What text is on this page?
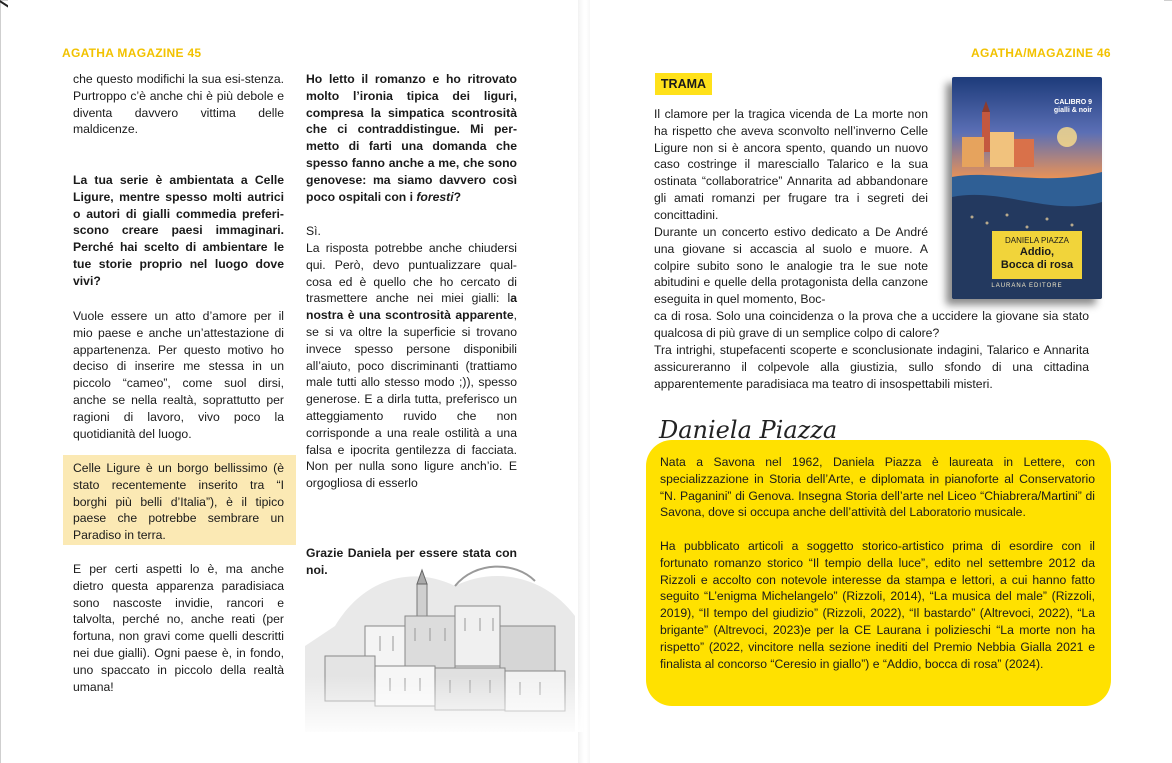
AGATHA MAGAZINE 45	AGATHA/MAGAZINE 46
che questo modifichi la sua esi-stenza. Purtroppo c’è anche chi è più debole e diventa davvero vittima delle maldicenze.
La tua serie è ambientata a Celle Ligure, mentre spesso molti autrici o autori di gialli commedia preferi-scono creare paesi immaginari. Perché hai scelto di ambientare le tue storie proprio nel luogo dove vivi?
Vuole essere un atto d’amore per il mio paese e anche un’attestazione di appartenenza. Per questo motivo ho deciso di inserire me stessa in un piccolo “cameo”, come suol dirsi, anche se nella realtà, soprattutto per ragioni di lavoro, vivo poco la quotidianità del luogo.
Celle Ligure è un borgo bellissimo (è stato recentemente inserito tra “I borghi più belli d’Italia”), è il tipico paese che potrebbe sembrare un Paradiso in terra.
E per certi aspetti lo è, ma anche dietro questa apparenza paradisiaca sono nascoste invidie, rancori e talvolta, perché no, anche reati (per fortuna, non gravi come quelli descritti nei due gialli). Ogni paese è, in fondo, uno spaccato in piccolo della realtà umana!
Ho letto il romanzo e ho ritrovato molto l’ironia tipica dei liguri, compresa la simpatica scontrosità che ci contraddistingue. Mi per-metto di farti una domanda che spesso fanno anche a me, che sono genovese: ma siamo davvero così poco ospitali con i foresti?
Sì.
La risposta potrebbe anche chiudersi qui. Però, devo puntualizzare qual-cosa ed è quello che ho cercato di trasmettere anche nei miei gialli: la nostra è una scontrosità apparente, se si va oltre la superficie si trovano invece spesso persone disponibili all’aiuto, poco discriminanti (trattiamo male tutti allo stesso modo ;)), spesso generose. E a dirla tutta, preferisco un atteggiamento ruvido che non corrisponde a una reale ostilità a una falsa e ipocrita gentilezza di facciata. Non per nulla sono ligure anch’io. E orgogliosa di esserlo
Grazie Daniela per essere stata con noi.
TRAMA
Il clamore per la tragica vicenda de La morte non ha rispetto che aveva sconvolto nell’inverno Celle Ligure non si è ancora spento, quando un nuovo caso costringe il maresciallo Talarico e la sua ostinata “collaboratrice” Annarita ad abbandonare gli amati romanzi per frugare tra i segreti dei concittadini.
Durante un concerto estivo dedicato a De André una giovane si accascia al suolo e muore. A colpire subito sono le analogie tra le sue note abitudini e quelle della protagonista della canzone eseguita in quel momento, Boc-
ca di rosa. Solo una coincidenza o la prova che a uccidere la giovane sia stato qualcosa di più grave di un semplice colpo di calore?
Tra intrighi, stupefacenti scoperte e sconclusionate indagini, Talarico e Annarita assicureranno il colpevole alla giustizia, sullo sfondo di una cittadina apparentemente paradisiaca ma teatro di insospettabili misteri.
CALIBRO 9
gialli & noir
DANIELA PIAZZA
Addio,
Bocca di rosa
LAURANA EDITORE
Daniela Piazza
Nata a Savona nel 1962, Daniela Piazza è laureata in Lettere, con specializzazione in Storia dell’Arte, e diplomata in pianoforte al Conservatorio “N. Paganini” di Genova. Insegna Storia dell’arte nel Liceo “Chiabrera/Martini” di Savona, dove si occupa anche dell’attività del Laboratorio musicale.
Ha pubblicato articoli a soggetto storico-artistico prima di esordire con il fortunato romanzo storico “Il tempio della luce”, edito nel settembre 2012 da Rizzoli e accolto con notevole interesse da stampa e lettori, a cui hanno fatto seguito “L’enigma Michelangelo” (Rizzoli, 2014), “La musica del male” (Rizzoli, 2019), “Il tempo del giudizio” (Rizzoli, 2022), “Il bastardo” (Altrevoci, 2022), “La brigante” (Altrevoci, 2023)e per la CE Laurana i polizieschi “La morte non ha rispetto” (2022, vincitore nella sezione inediti del Premio Nebbia Gialla 2021 e finalista al concorso “Ceresio in giallo”) e “Addio, bocca di rosa” (2024).
